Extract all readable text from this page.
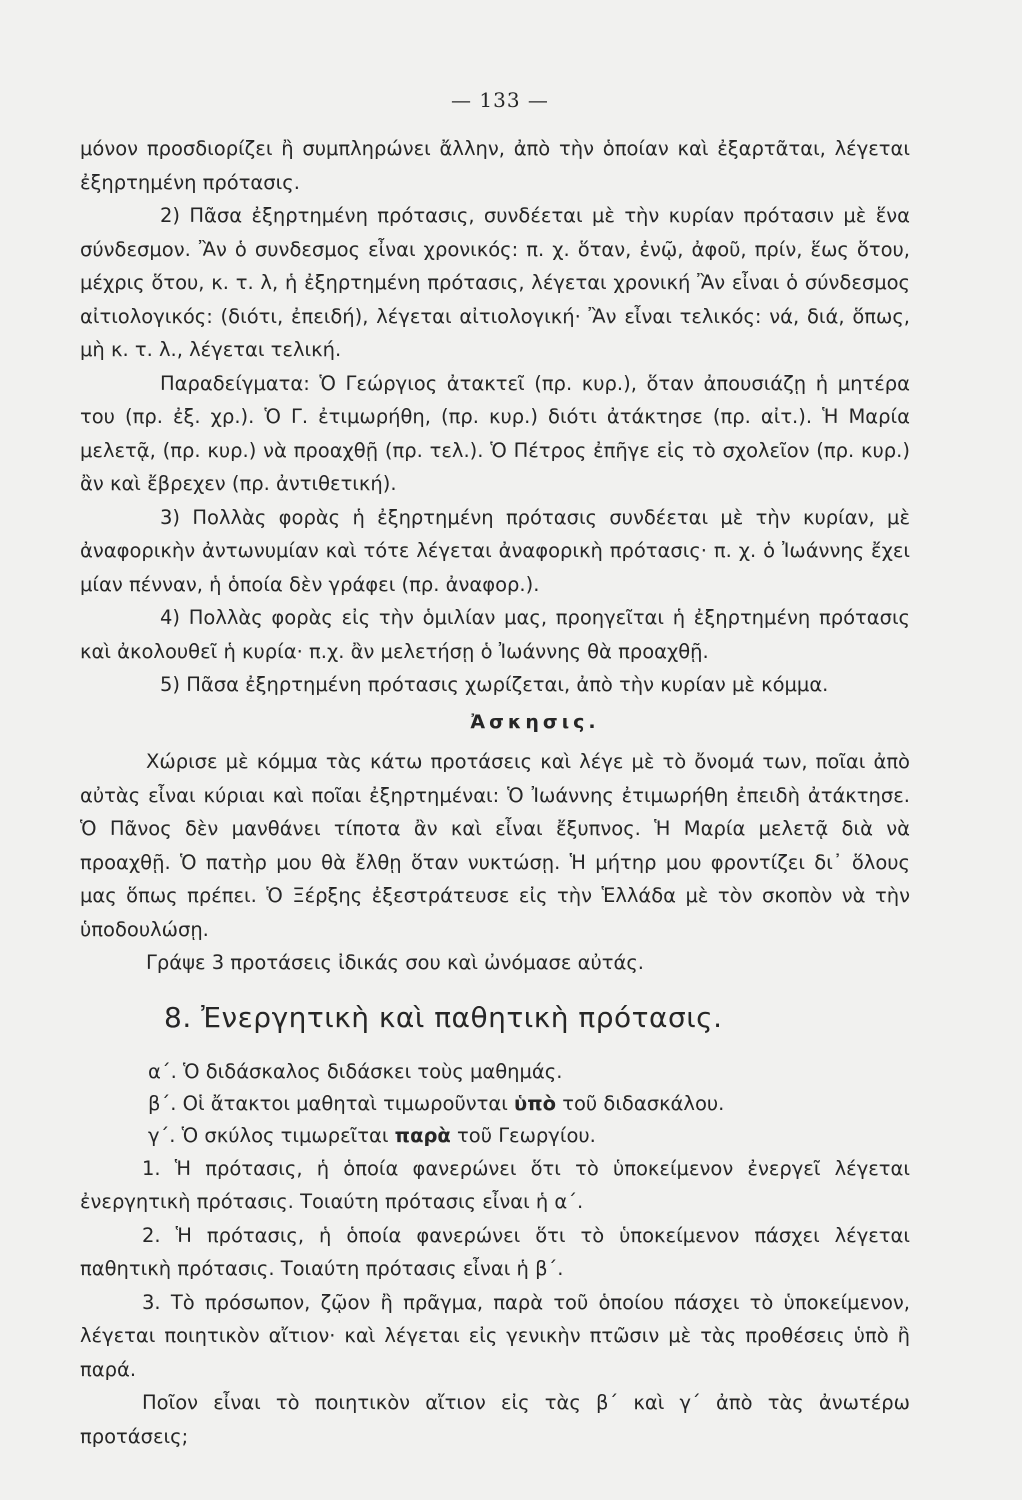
— 133 —

μόνον προσδιορίζει ἢ συμπληρώνει ἄλλην, ἀπὸ τὴν ὁποίαν καὶ ἐξαρτᾶται, λέγεται ἐξηρτημένη πρότασις.

2) Πᾶσα ἐξηρτημένη πρότασις, συνδέεται μὲ τὴν κυρίαν πρότασιν μὲ ἕνα σύνδεσμον. Ἂν ὁ συνδεσμος εἶναι χρονικός: π. χ. ὅταν, ἐνῷ, ἀφοῦ, πρίν, ἕως ὅτου, μέχρις ὅτου, κ. τ. λ, ἡ ἐξηρτημένη πρότασις, λέγεται χρονική Ἂν εἶναι ὁ σύνδεσμος αἰτιολογικός: (διότι, ἐπειδή), λέγεται αἰτιολογική· Ἂν εἶναι τελικός: νά, διά, ὅπως, μὴ κ. τ. λ., λέγεται τελική.

Παραδείγματα: Ὁ Γεώργιος ἀτακτεῖ (πρ. κυρ.), ὅταν ἀπουσιάζῃ ἡ μητέρα του (πρ. ἐξ. χρ.). Ὁ Γ. ἐτιμωρήθη, (πρ. κυρ.) διότι ἀτάκτησε (πρ. αἰτ.). Ἡ Μαρία μελετᾷ, (πρ. κυρ.) νὰ προαχθῇ (πρ. τελ.). Ὁ Πέτρος ἐπῆγε εἰς τὸ σχολεῖον (πρ. κυρ.) ἂν καὶ ἔβρεχεν (πρ. ἀντιθετική).

3) Πολλὰς φορὰς ἡ ἐξηρτημένη πρότασις συνδέεται μὲ τὴν κυρίαν, μὲ ἀναφορικὴν ἀντωνυμίαν καὶ τότε λέγεται ἀναφορικὴ πρότασις· π. χ. ὁ Ἰωάννης ἔχει μίαν πένναν, ἡ ὁποία δὲν γράφει (πρ. ἀναφορ.).

4) Πολλὰς φορὰς εἰς τὴν ὁμιλίαν μας, προηγεῖται ἡ ἐξηρτημένη πρότασις καὶ ἀκολουθεῖ ἡ κυρία· π.χ. ἂν μελετήσῃ ὁ Ἰωάννης θὰ προαχθῇ.

5) Πᾶσα ἐξηρτημένη πρότασις χωρίζεται, ἀπὸ τὴν κυρίαν μὲ κόμμα.

Ἀσκησις.

Χώρισε μὲ κόμμα τὰς κάτω προτάσεις καὶ λέγε μὲ τὸ ὄνομά των, ποῖαι ἀπὸ αὐτὰς εἶναι κύριαι καὶ ποῖαι ἐξηρτημέναι: Ὁ Ἰωάννης ἐτιμωρήθη ἐπειδὴ ἀτάκτησε. Ὁ Πᾶνος δὲν μανθάνει τίποτα ἂν καὶ εἶναι ἔξυπνος. Ἡ Μαρία μελετᾷ διὰ νὰ προαχθῇ. Ὁ πατὴρ μου θὰ ἔλθῃ ὅταν νυκτώσῃ. Ἡ μήτηρ μου φροντίζει δι᾽ ὅλους μας ὅπως πρέπει. Ὁ Ξέρξης ἐξεστράτευσε εἰς τὴν Ἑλλάδα μὲ τὸν σκοπὸν νὰ τὴν ὑποδουλώσῃ.

Γράψε 3 προτάσεις ἰδικάς σου καὶ ὠνόμασε αὐτάς.

8. Ἐνεργητικὴ καὶ παθητικὴ πρότασις.
α΄. Ὁ διδάσκαλος διδάσκει τοὺς μαθημάς.
β΄. Οἱ ἄτακτοι μαθηταὶ τιμωροῦνται ὑπὸ τοῦ διδασκάλου.
γ΄. Ὁ σκύλος τιμωρεῖται παρὰ τοῦ Γεωργίου.

1. Ἡ πρότασις, ἡ ὁποία φανερώνει ὅτι τὸ ὑποκείμενον ἐνεργεῖ λέγεται ἐνεργητικὴ πρότασις. Τοιαύτη πρότασις εἶναι ἡ α΄.

2. Ἡ πρότασις, ἡ ὁποία φανερώνει ὅτι τὸ ὑποκείμενον πάσχει λέγεται παθητικὴ πρότασις. Τοιαύτη πρότασις εἶναι ἡ β΄.

3. Τὸ πρόσωπον, ζῷον ἢ πρᾶγμα, παρὰ τοῦ ὁποίου πάσχει τὸ ὑποκείμενον, λέγεται ποιητικὸν αἴτιον· καὶ λέγεται εἰς γενικὴν πτῶσιν μὲ τὰς προθέσεις ὑπὸ ἢ παρά.

Ποῖον εἶναι τὸ ποιητικὸν αἴτιον εἰς τὰς β΄ καὶ γ΄ ἀπὸ τὰς ἀνωτέρω προτάσεις;
